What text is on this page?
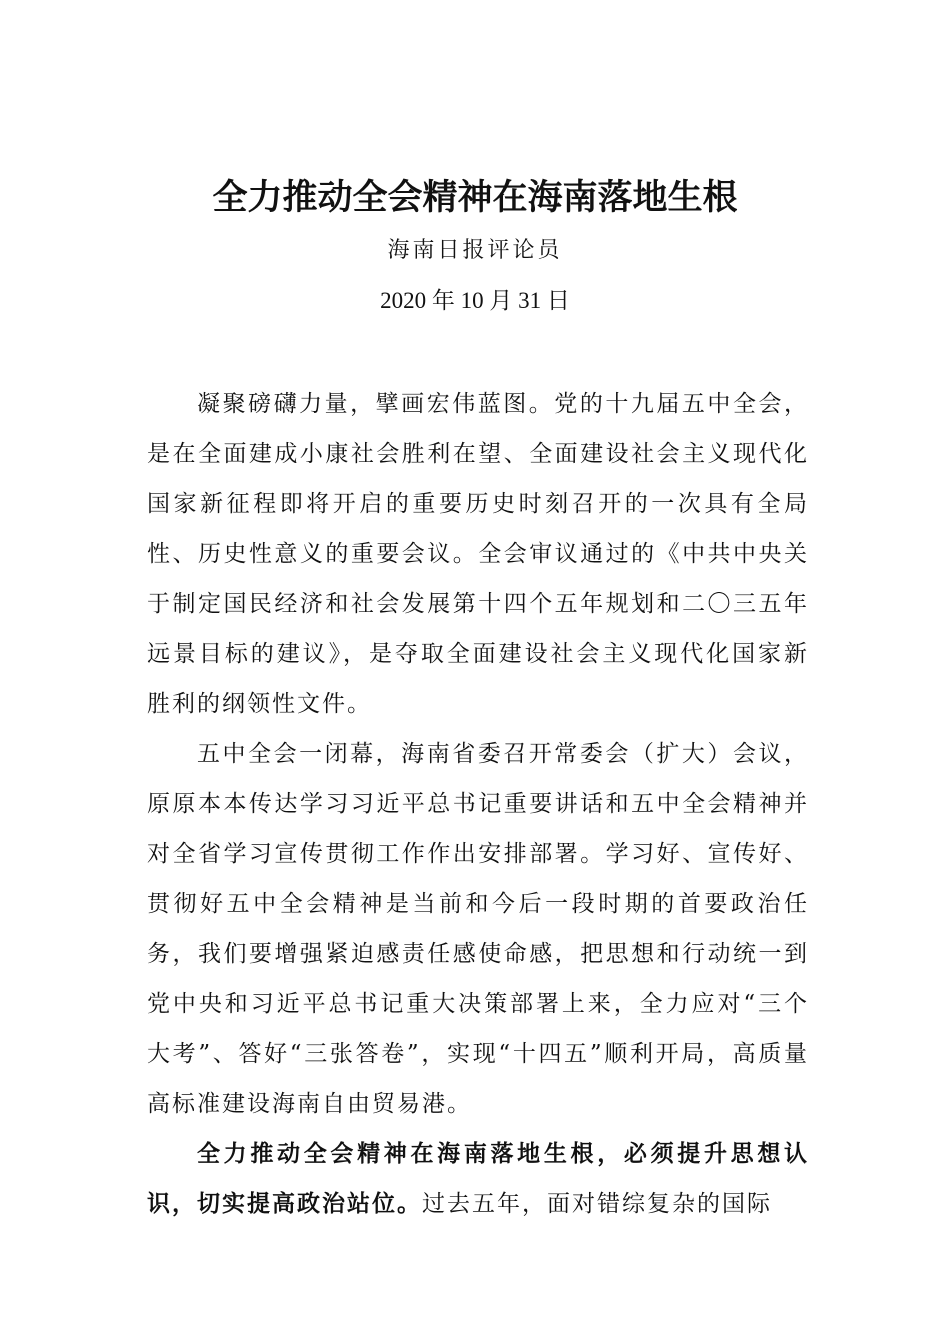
全力推动全会精神在海南落地生根
海南日报评论员
2020 年 10 月 31 日

凝聚磅礴力量，擘画宏伟蓝图。党的十九届五中全会，是在全面建成小康社会胜利在望、全面建设社会主义现代化国家新征程即将开启的重要历史时刻召开的一次具有全局性、历史性意义的重要会议。全会审议通过的《中共中央关于制定国民经济和社会发展第十四个五年规划和二〇三五年远景目标的建议》，是夺取全面建设社会主义现代化国家新胜利的纲领性文件。

五中全会一闭幕，海南省委召开常委会（扩大）会议，原原本本传达学习习近平总书记重要讲话和五中全会精神并对全省学习宣传贯彻工作作出安排部署。学习好、宣传好、贯彻好五中全会精神是当前和今后一段时期的首要政治任务，我们要增强紧迫感责任感使命感，把思想和行动统一到党中央和习近平总书记重大决策部署上来，全力应对“三个大考”、答好“三张答卷”，实现“十四五”顺利开局，高质量高标准建设海南自由贸易港。

全力推动全会精神在海南落地生根，必须提升思想认识，切实提高政治站位。过去五年，面对错综复杂的国际
